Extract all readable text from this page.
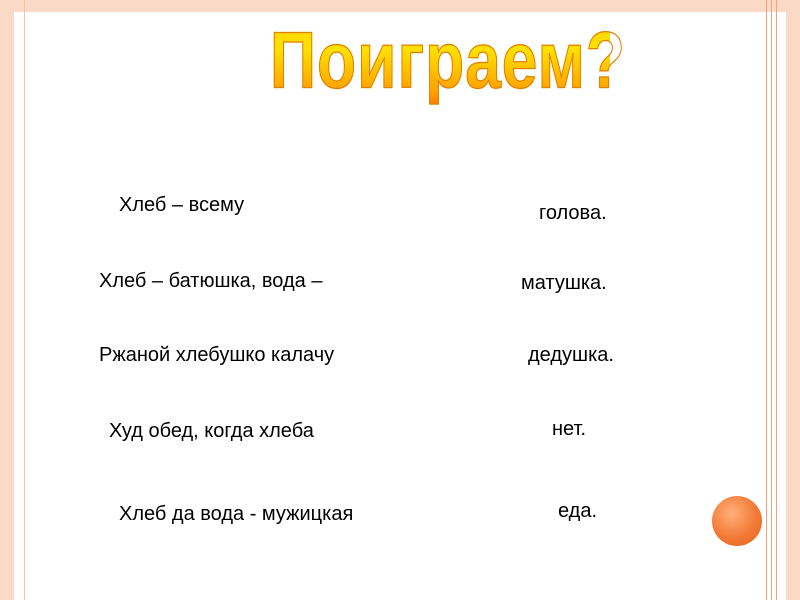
Поиграем?
Хлеб – всему	голова.
Хлеб – батюшка, вода –	матушка.
Ржаной хлебушко калачу	дедушка.
Худ обед, когда хлеба	нет.
Хлеб да вода - мужицкая	еда.
